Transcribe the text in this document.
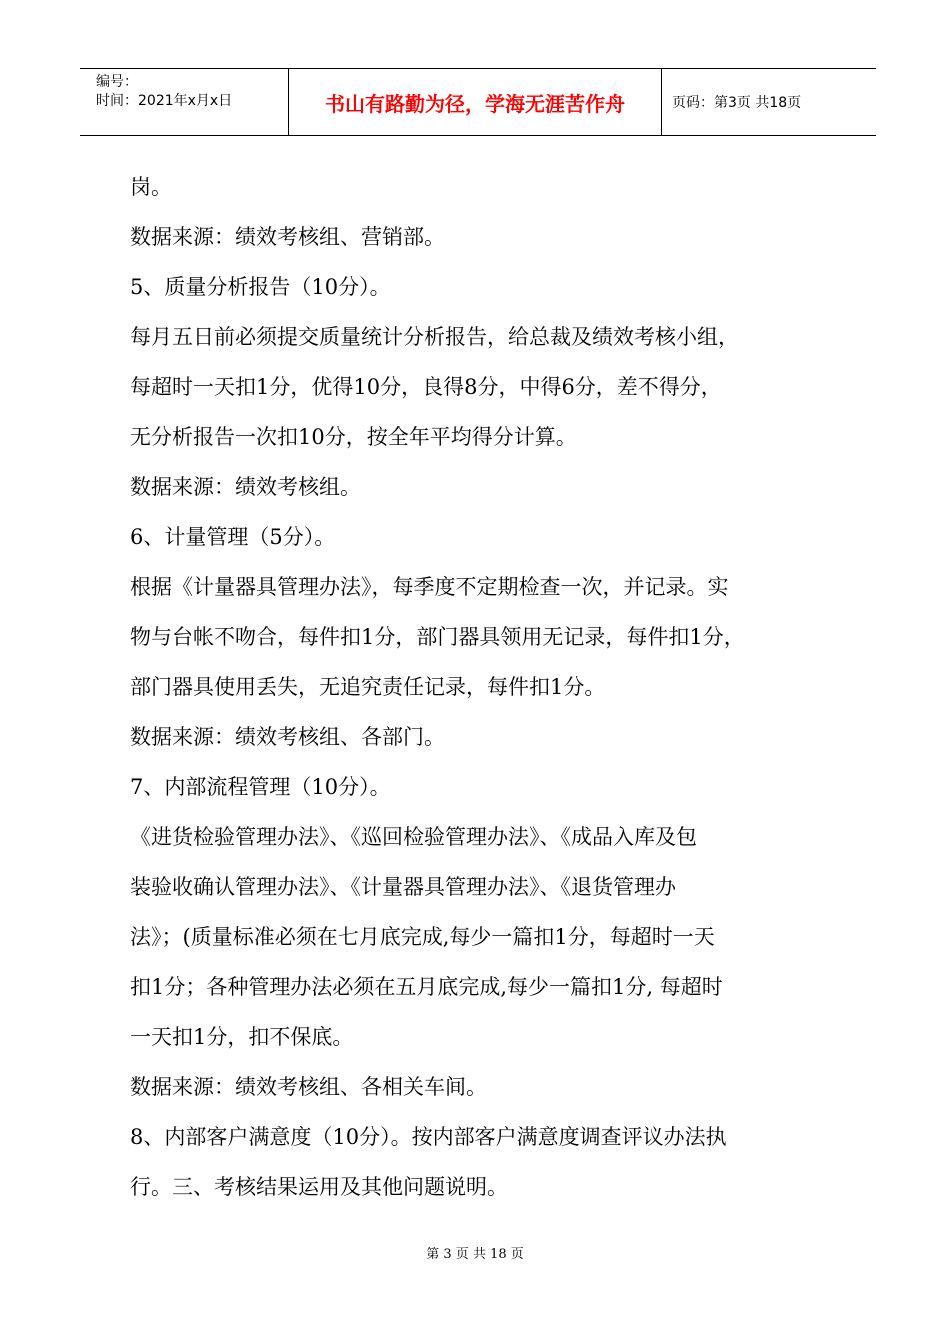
编号：
时间：2021年x月x日	书山有路勤为径，学海无涯苦作舟	页码：第3页 共18页
岗。
数据来源：绩效考核组、营销部。
5、质量分析报告（10分）。
每月五日前必须提交质量统计分析报告，给总裁及绩效考核小组，
每超时一天扣1分，优得10分，良得8分，中得6分，差不得分，
无分析报告一次扣10分，按全年平均得分计算。
数据来源：绩效考核组。
6、计量管理（5分）。
根据《计量器具管理办法》，每季度不定期检查一次，并记录。实
物与台帐不吻合，每件扣1分，部门器具领用无记录，每件扣1分，
部门器具使用丢失，无追究责任记录，每件扣1分。
数据来源：绩效考核组、各部门。
7、内部流程管理（10分）。
《进货检验管理办法》、《巡回检验管理办法》、《成品入库及包
装验收确认管理办法》、《计量器具管理办法》、《退货管理办
法》；(质量标准必须在七月底完成,每少一篇扣1分，每超时一天
扣1分；各种管理办法必须在五月底完成,每少一篇扣1分, 每超时
一天扣1分，扣不保底。
数据来源：绩效考核组、各相关车间。
8、内部客户满意度（10分）。按内部客户满意度调查评议办法执
行。三、考核结果运用及其他问题说明。
第 3 页 共 18 页
